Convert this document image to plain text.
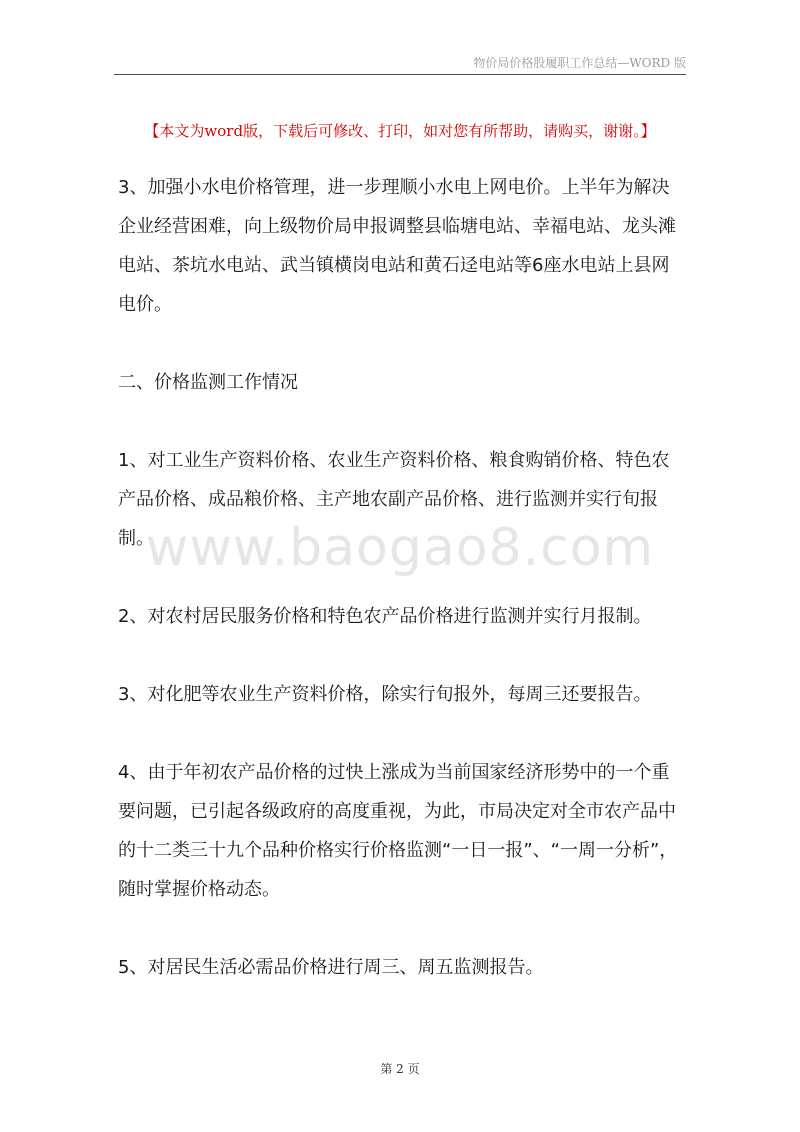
物价局价格股履职工作总结—WORD 版
【本文为word版，下载后可修改、打印，如对您有所帮助，请购买，谢谢。】
www.baogao8.com

3、加强小水电价格管理，进一步理顺小水电上网电价。上半年为解决企业经营困难，向上级物价局申报调整县临塘电站、幸福电站、龙头滩电站、茶坑水电站、武当镇横岗电站和黄石迳电站等6座水电站上县网电价。

二、价格监测工作情况

1、对工业生产资料价格、农业生产资料价格、粮食购销价格、特色农产品价格、成品粮价格、主产地农副产品价格、进行监测并实行旬报制。

2、对农村居民服务价格和特色农产品价格进行监测并实行月报制。

3、对化肥等农业生产资料价格，除实行旬报外，每周三还要报告。

4、由于年初农产品价格的过快上涨成为当前国家经济形势中的一个重要问题，已引起各级政府的高度重视，为此，市局决定对全市农产品中的十二类三十九个品种价格实行价格监测“一日一报”、“一周一分析”，随时掌握价格动态。

5、对居民生活必需品价格进行周三、周五监测报告。

第 2 页
